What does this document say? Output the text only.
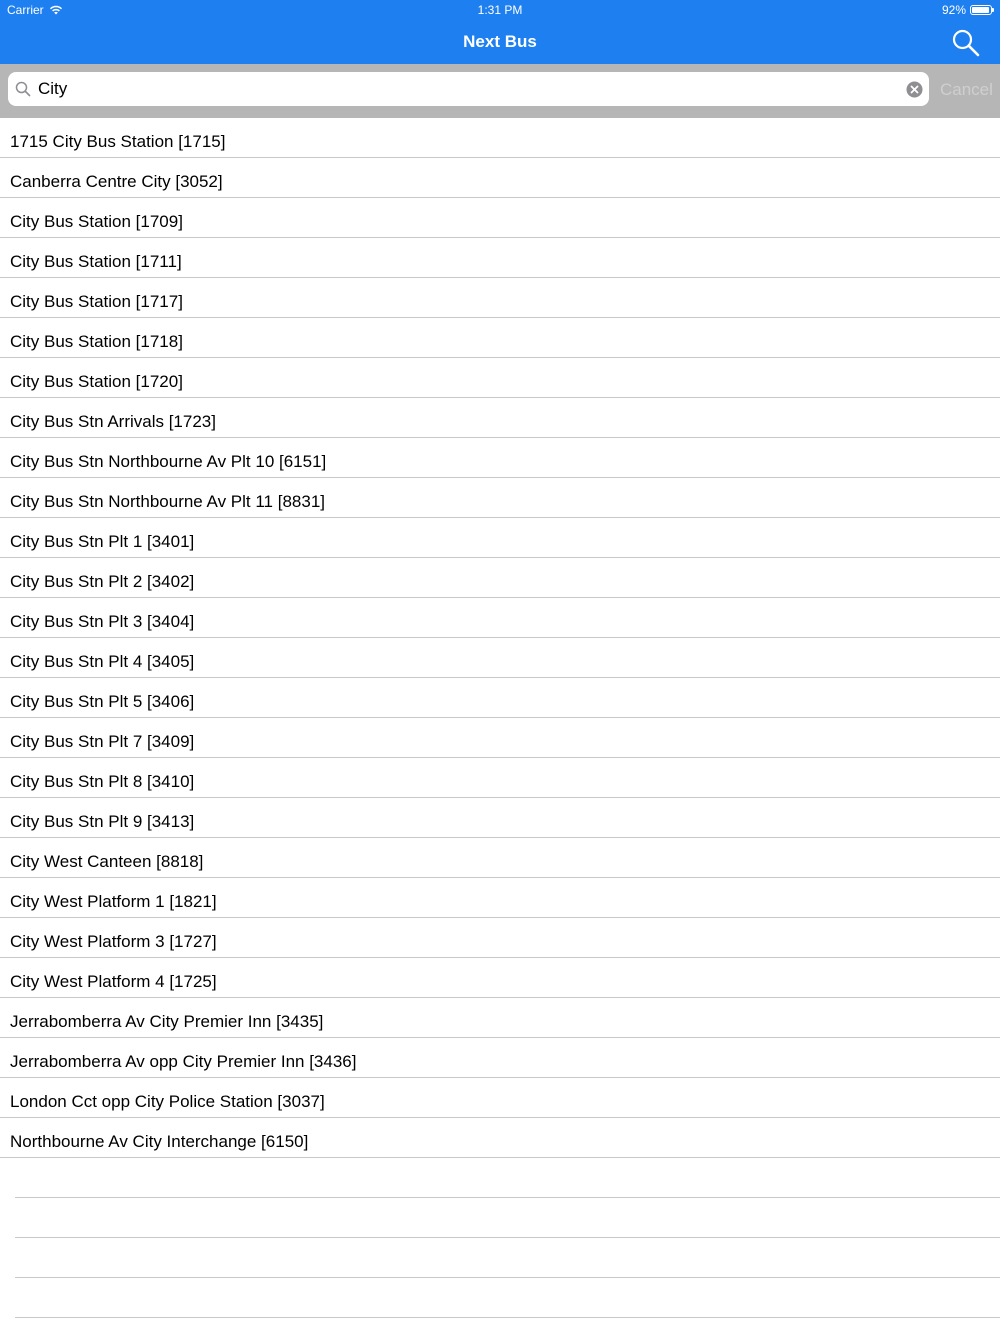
Carrier	1:31 PM	92%
Next Bus
City	Cancel
1715 City Bus Station [1715]
Canberra Centre City [3052]
City Bus Station [1709]
City Bus Station [1711]
City Bus Station [1717]
City Bus Station [1718]
City Bus Station [1720]
City Bus Stn Arrivals [1723]
City Bus Stn Northbourne Av Plt 10 [6151]
City Bus Stn Northbourne Av Plt 11 [8831]
City Bus Stn Plt 1 [3401]
City Bus Stn Plt 2 [3402]
City Bus Stn Plt 3 [3404]
City Bus Stn Plt 4 [3405]
City Bus Stn Plt 5 [3406]
City Bus Stn Plt 7 [3409]
City Bus Stn Plt 8 [3410]
City Bus Stn Plt 9 [3413]
City West Canteen [8818]
City West Platform 1 [1821]
City West Platform 3 [1727]
City West Platform 4 [1725]
Jerrabomberra Av City Premier Inn [3435]
Jerrabomberra Av opp City Premier Inn [3436]
London Cct opp City Police Station [3037]
Northbourne Av City Interchange [6150]
